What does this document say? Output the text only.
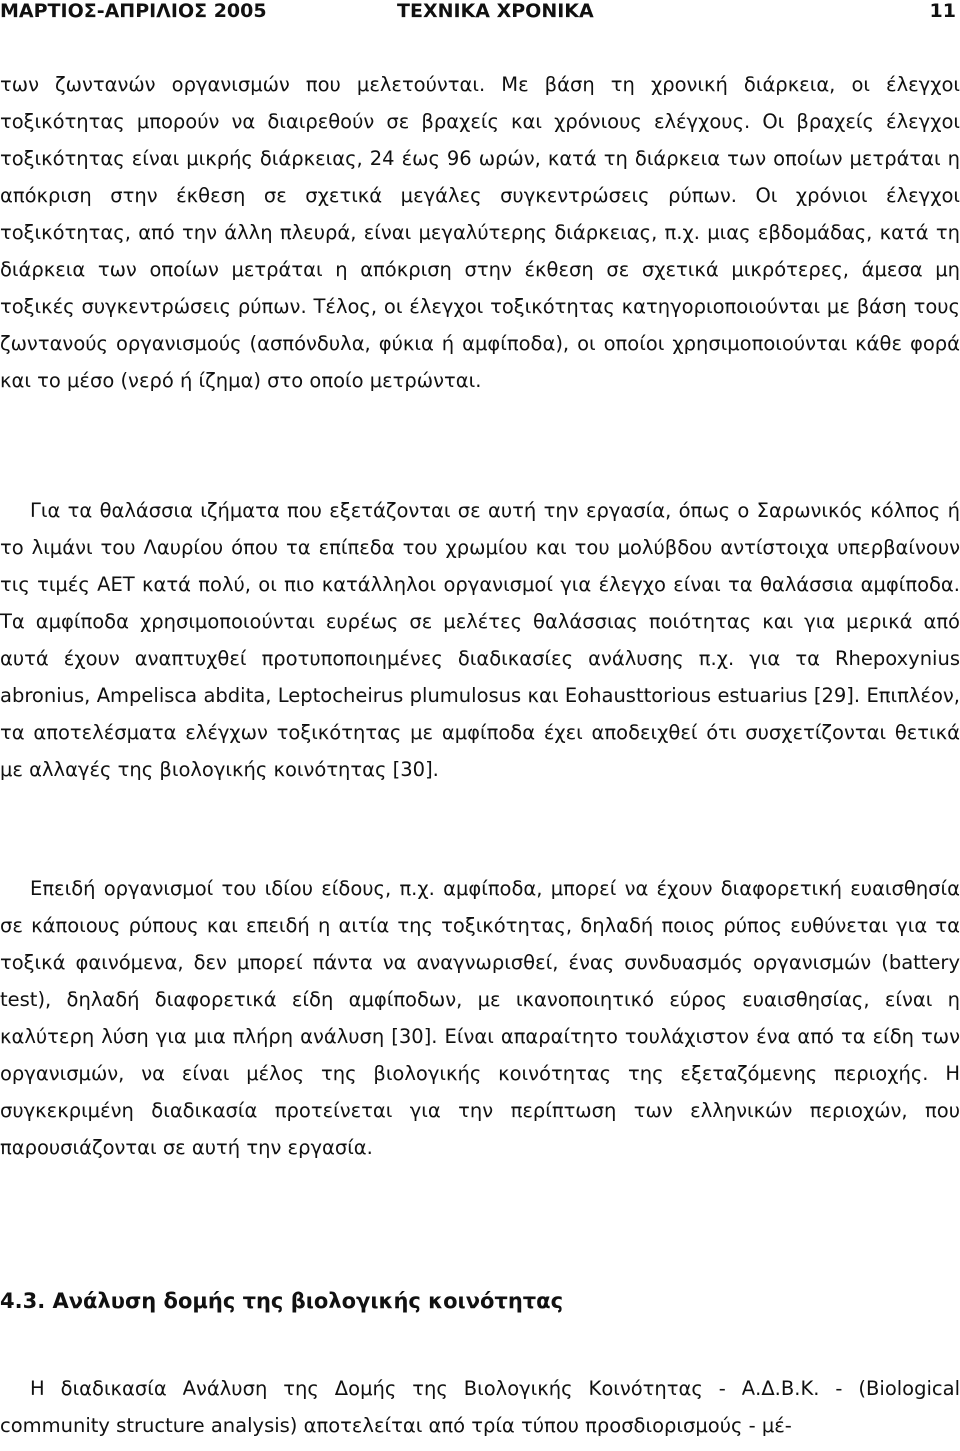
ΜΑΡΤΙΟΣ-ΑΠΡΙΛΙΟΣ 2005	ΤΕΧΝΙΚΑ ΧΡΟΝΙΚΑ	11

των ζωντανών οργανισμών που μελετούνται. Με βάση τη χρονική διάρκεια, οι έλεγχοι τοξικότητας μπορούν να διαιρεθούν σε βραχείς και χρόνιους ελέγχους. Οι βραχείς έλεγχοι τοξικότητας είναι μικρής διάρκειας, 24 έως 96 ωρών, κατά τη διάρκεια των οποίων μετράται η απόκριση στην έκθεση σε σχετικά μεγάλες συγκεντρώσεις ρύπων. Οι χρόνιοι έλεγχοι τοξικότητας, από την άλλη πλευρά, είναι μεγαλύτερης διάρκειας, π.χ. μιας εβδομάδας, κατά τη διάρκεια των οποίων μετράται η απόκριση στην έκθεση σε σχετικά μικρότερες, άμεσα μη τοξικές συγκεντρώσεις ρύπων. Τέλος, οι έλεγχοι τοξικότητας κατηγοριοποιούνται με βάση τους ζωντανούς οργανισμούς (ασπόνδυλα, φύκια ή αμφίποδα), οι οποίοι χρησιμοποιούνται κάθε φορά και το μέσο (νερό ή ίζημα) στο οποίο μετρώνται.

Για τα θαλάσσια ιζήματα που εξετάζονται σε αυτή την εργασία, όπως ο Σαρωνικός κόλπος ή το λιμάνι του Λαυρίου όπου τα επίπεδα του χρωμίου και του μολύβδου αντίστοιχα υπερβαίνουν τις τιμές ΑΕΤ κατά πολύ, οι πιο κατάλληλοι οργανισμοί για έλεγχο είναι τα θαλάσσια αμφίποδα. Τα αμφίποδα χρησιμοποιούνται ευρέως σε μελέτες θαλάσσιας ποιότητας και για μερικά από αυτά έχουν αναπτυχθεί προτυποποιημένες διαδικασίες ανάλυσης π.χ. για τα Rhepoxynius abronius, Ampelisca abdita, Leptocheirus plumulosus και Eohausttorious estuarius [29]. Επιπλέον, τα αποτελέσματα ελέγχων τοξικότητας με αμφίποδα έχει αποδειχθεί ότι συσχετίζονται θετικά με αλλαγές της βιολογικής κοινότητας [30].

Επειδή οργανισμοί του ιδίου είδους, π.χ. αμφίποδα, μπορεί να έχουν διαφορετική ευαισθησία σε κάποιους ρύπους και επειδή η αιτία της τοξικότητας, δηλαδή ποιος ρύπος ευθύνεται για τα τοξικά φαινόμενα, δεν μπορεί πάντα να αναγνωρισθεί, ένας συνδυασμός οργανισμών (battery test), δηλαδή διαφορετικά είδη αμφίποδων, με ικανοποιητικό εύρος ευαισθησίας, είναι η καλύτερη λύση για μια πλήρη ανάλυση [30]. Είναι απαραίτητο τουλάχιστον ένα από τα είδη των οργανισμών, να είναι μέλος της βιολογικής κοινότητας της εξεταζόμενης περιοχής. Η συγκεκριμένη διαδικασία προτείνεται για την περίπτωση των ελληνικών περιοχών, που παρουσιάζονται σε αυτή την εργασία.

4.3. Ανάλυση δομής της βιολογικής κοινότητας

Η διαδικασία Ανάλυση της Δομής της Βιολογικής Κοινότητας - Α.Δ.Β.Κ. - (Biological community structure analysis) αποτελείται από τρία τύπου προσδιορισμούς - μέ-
